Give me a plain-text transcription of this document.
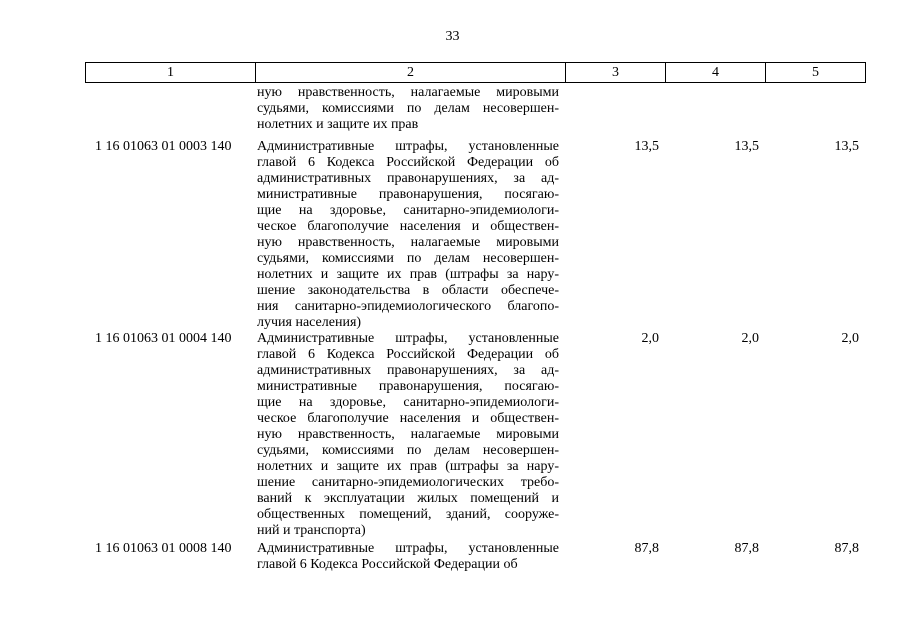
33
1	2	3	4	5
ную нравственность, налагаемые мировыми
судьями, комиссиями по делам несовершен-
нолетних и защите их прав
1 16 01063 01 0003 140	Административные штрафы, установленные
главой 6 Кодекса Российской Федерации об
административных правонарушениях, за ад-
министративные правонарушения, посягаю-
щие на здоровье, санитарно-эпидемиологи-
ческое благополучие населения и обществен-
ную нравственность, налагаемые мировыми
судьями, комиссиями по делам несовершен-
нолетних и защите их прав (штрафы за нару-
шение законодательства в области обеспече-
ния санитарно-эпидемиологического благопо-
лучия населения)
13,5	13,5	13,5
1 16 01063 01 0004 140	Административные штрафы, установленные
главой 6 Кодекса Российской Федерации об
административных правонарушениях, за ад-
министративные правонарушения, посягаю-
щие на здоровье, санитарно-эпидемиологи-
ческое благополучие населения и обществен-
ную нравственность, налагаемые мировыми
судьями, комиссиями по делам несовершен-
нолетних и защите их прав (штрафы за нару-
шение санитарно-эпидемиологических требо-
ваний к эксплуатации жилых помещений и
общественных помещений, зданий, сооруже-
ний и транспорта)
2,0	2,0	2,0
1 16 01063 01 0008 140	Административные штрафы, установленные
главой 6 Кодекса Российской Федерации об
87,8	87,8	87,8
